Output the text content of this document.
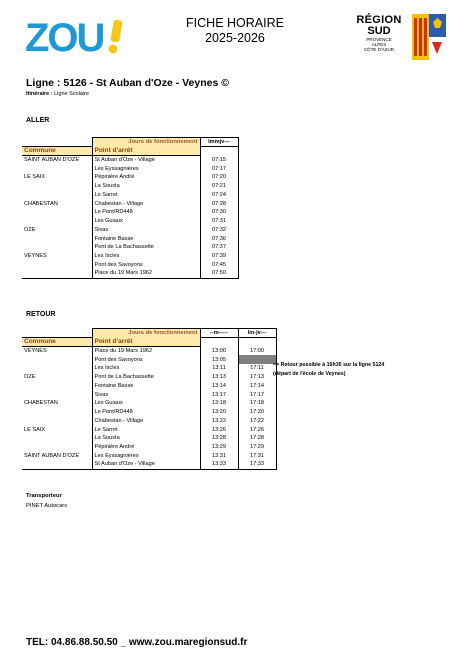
ZOU	FICHE HORAIRE
2025-2026
RÉGION
SUD
PROVENCE
ALPES
CÔTE D'AZUR
Ligne : 5126 - St Auban d'Oze - Veynes ©
Itinéraire : Ligne Scolaire
ALLER
	Jours de fonctionnement	lmmjv---
Commune	Point d'arrêt	
SAINT AUBAN D'OZE	St Auban d'Oze - Village	07:15
	Les Eyssagnières	07:17
LE SAIX	Pépinière André	07:20
	La Sousta	07:21
	Le Sarret	07:24
CHABESTAN	Chabestan - Village	07:28
	Le Pont/RD448	07:30
	Les Guiaux	07:31
OZE	Sivas	07:32
	Fontaine Basse	07:36
	Pont de La Bachassette	07:37
VEYNES	Les Iscles	07:39
	Pont des Savoyons	07:45
	Place du 19 Mars 1962	07:50
RETOUR
	Jours de fonctionnement	--m-----	lm-jv---
Commune	Point d'arrêt		
VEYNES	Place du 19 Mars 1962	13:00	17:00
	Pont des Savoyons	13:05	
	Les Iscles	13:11	17:11
OZE	Pont de La Bachassette	13:13	17:13
	Fontaine Basse	13:14	17:14
	Sivas	13:17	17:17
CHABESTAN	Les Guiaux	13:18	17:18
	Le Pont/RD448	13:20	17:20
	Chabestan - Village	13:22	17:22
LE SAIX	Le Sarret	13:26	17:26
	La Sousta	13:28	17:28
	Pépinière André	13:29	17:29
SAINT AUBAN D'OZE	Les Eyssagnières	13:31	17:31
	St Auban d'Oze - Village	13:33	17:33
=> Retour possible à 16h35 sur la ligne 5124
(départ de l'école de Veynes)
Transporteur
PINET Autocars
TEL: 04.86.88.50.50 _ www.zou.maregionsud.fr
